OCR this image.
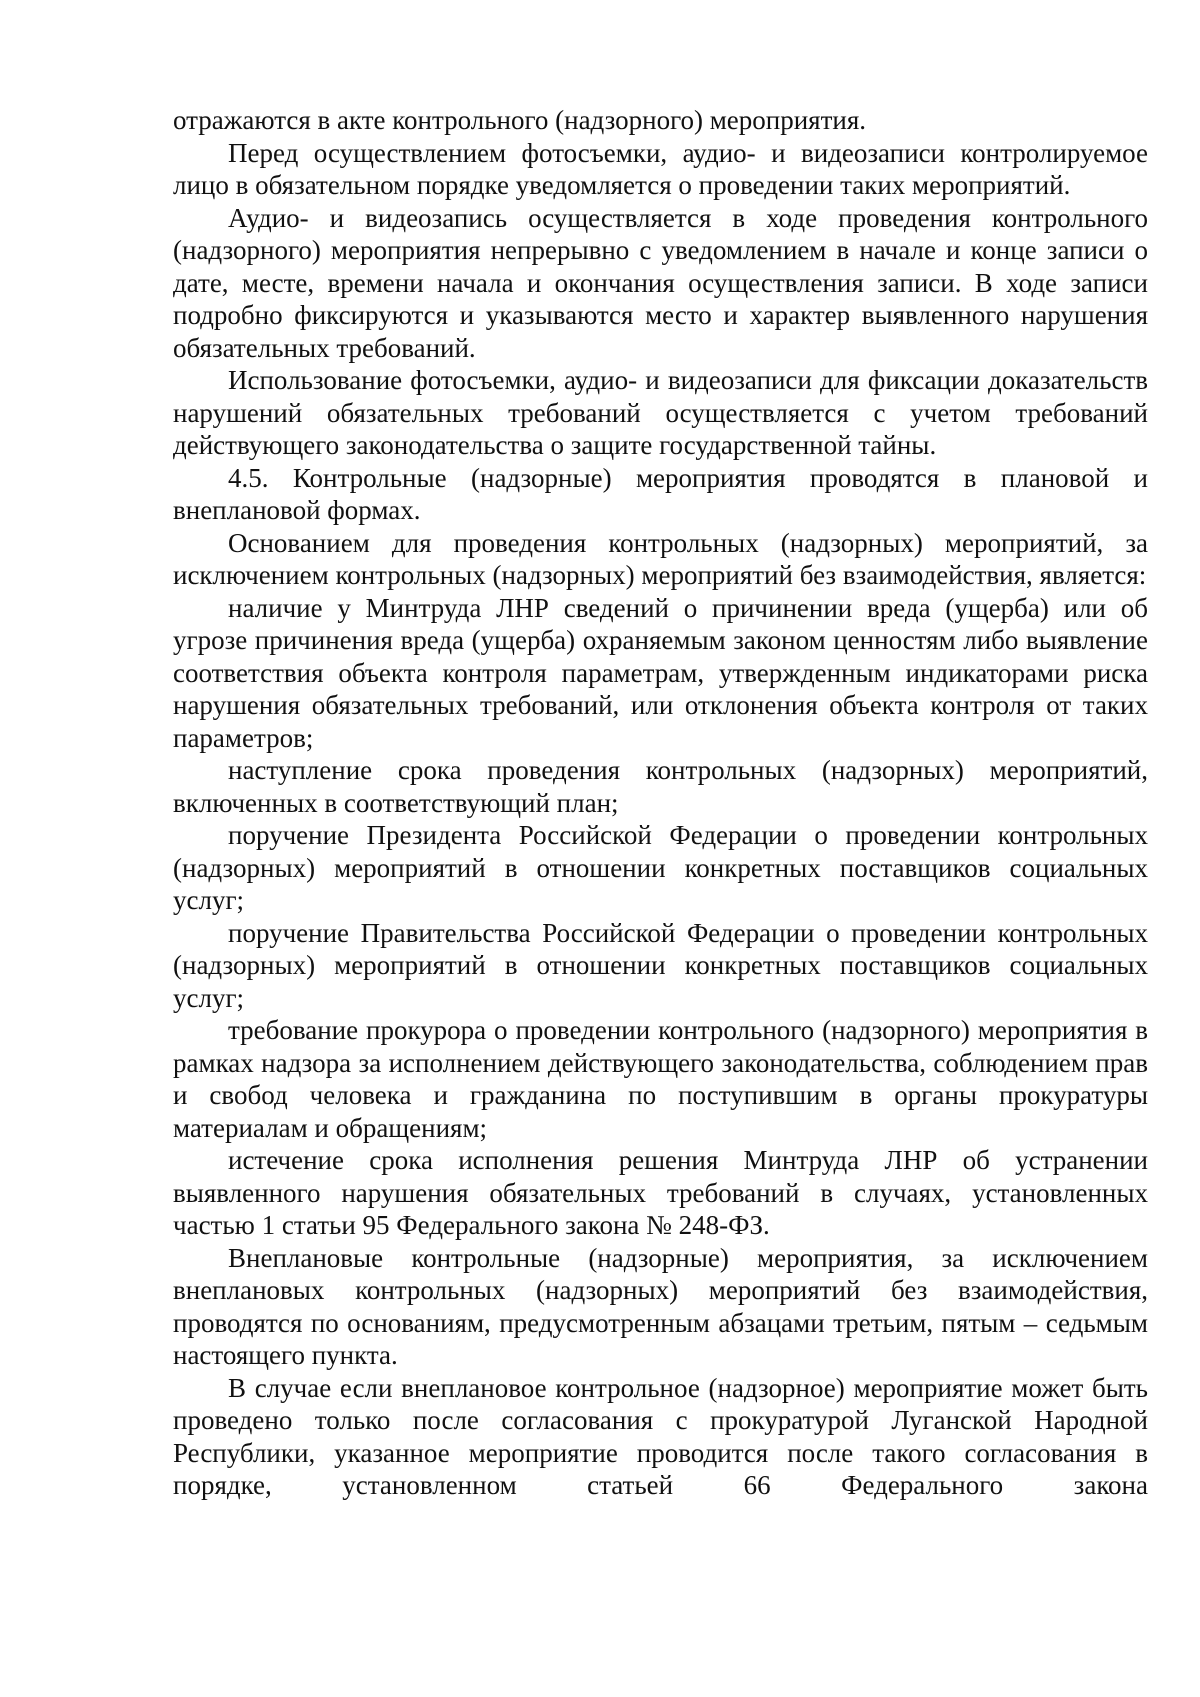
отражаются в акте контрольного (надзорного) мероприятия.

Перед осуществлением фотосъемки, аудио- и видеозаписи контролируемое лицо в обязательном порядке уведомляется о проведении таких мероприятий.

Аудио- и видеозапись осуществляется в ходе проведения контрольного (надзорного) мероприятия непрерывно с уведомлением в начале и конце записи о дате, месте, времени начала и окончания осуществления записи. В ходе записи подробно фиксируются и указываются место и характер выявленного нарушения обязательных требований.

Использование фотосъемки, аудио- и видеозаписи для фиксации доказательств нарушений обязательных требований осуществляется с учетом требований действующего законодательства о защите государственной тайны.

4.5. Контрольные (надзорные) мероприятия проводятся в плановой и внеплановой формах.

Основанием для проведения контрольных (надзорных) мероприятий, за исключением контрольных (надзорных) мероприятий без взаимодействия, является:

наличие у Минтруда ЛНР сведений о причинении вреда (ущерба) или об угрозе причинения вреда (ущерба) охраняемым законом ценностям либо выявление соответствия объекта контроля параметрам, утвержденным индикаторами риска нарушения обязательных требований, или отклонения объекта контроля от таких параметров;

наступление срока проведения контрольных (надзорных) мероприятий, включенных в соответствующий план;

поручение Президента Российской Федерации о проведении контрольных (надзорных) мероприятий в отношении конкретных поставщиков социальных услуг;

поручение Правительства Российской Федерации о проведении контрольных (надзорных) мероприятий в отношении конкретных поставщиков социальных услуг;

требование прокурора о проведении контрольного (надзорного) мероприятия в рамках надзора за исполнением действующего законодательства, соблюдением прав и свобод человека и гражданина по поступившим в органы прокуратуры материалам и обращениям;

истечение срока исполнения решения Минтруда ЛНР об устранении выявленного нарушения обязательных требований в случаях, установленных частью 1 статьи 95 Федерального закона № 248-ФЗ.

Внеплановые контрольные (надзорные) мероприятия, за исключением внеплановых контрольных (надзорных) мероприятий без взаимодействия, проводятся по основаниям, предусмотренным абзацами третьим, пятым – седьмым настоящего пункта.

В случае если внеплановое контрольное (надзорное) мероприятие может быть проведено только после согласования с прокуратурой Луганской Народной Республики, указанное мероприятие проводится после такого согласования в порядке, установленном статьей 66 Федерального закона
